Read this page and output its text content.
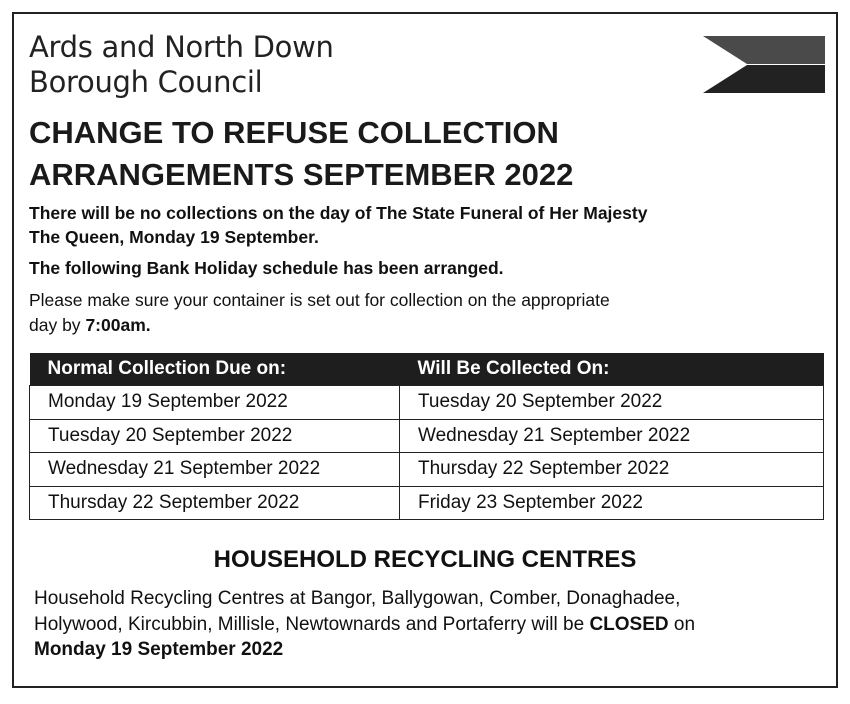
Ards and North Down
Borough Council
CHANGE TO REFUSE COLLECTION
ARRANGEMENTS SEPTEMBER 2022

There will be no collections on the day of The State Funeral of Her Majesty
The Queen, Monday 19 September.

The following Bank Holiday schedule has been arranged.

Please make sure your container is set out for collection on the appropriate
day by 7:00am.

Normal Collection Due on:	Will Be Collected On:
Monday 19 September 2022	Tuesday 20 September 2022
Tuesday 20 September 2022	Wednesday 21 September 2022
Wednesday 21 September 2022	Thursday 22 September 2022
Thursday 22 September 2022	Friday 23 September 2022
HOUSEHOLD RECYCLING CENTRES

Household Recycling Centres at Bangor, Ballygowan, Comber, Donaghadee,
Holywood, Kircubbin, Millisle, Newtownards and Portaferry will be CLOSED on
Monday 19 September 2022
